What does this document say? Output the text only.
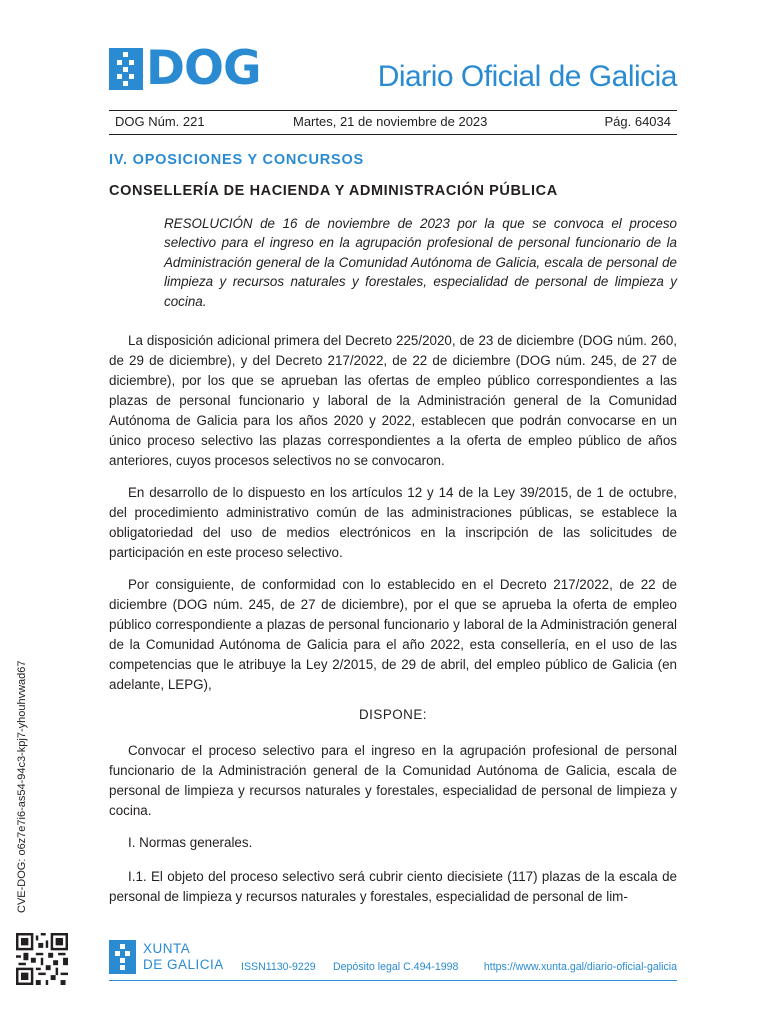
DOG	Diario Oficial de Galicia
DOG Núm. 221	Martes, 21 de noviembre de 2023	Pág. 64034
IV. OPOSICIONES Y CONCURSOS
CONSELLERÍA DE HACIENDA Y ADMINISTRACIÓN PÚBLICA

RESOLUCIÓN de 16 de noviembre de 2023 por la que se convoca el proceso selectivo para el ingreso en la agrupación profesional de personal funcionario de la Administración general de la Comunidad Autónoma de Galicia, escala de personal de limpieza y recursos naturales y forestales, especialidad de personal de limpieza y cocina.

La disposición adicional primera del Decreto 225/2020, de 23 de diciembre (DOG núm. 260, de 29 de diciembre), y del Decreto 217/2022, de 22 de diciembre (DOG núm. 245, de 27 de diciembre), por los que se aprueban las ofertas de empleo público correspondientes a las plazas de personal funcionario y laboral de la Administración general de la Comunidad Autónoma de Galicia para los años 2020 y 2022, establecen que podrán convocarse en un único proceso selectivo las plazas correspondientes a la oferta de empleo público de años anteriores, cuyos procesos selectivos no se convocaron.

En desarrollo de lo dispuesto en los artículos 12 y 14 de la Ley 39/2015, de 1 de octubre, del procedimiento administrativo común de las administraciones públicas, se establece la obligatoriedad del uso de medios electrónicos en la inscripción de las solicitudes de participación en este proceso selectivo.

Por consiguiente, de conformidad con lo establecido en el Decreto 217/2022, de 22 de diciembre (DOG núm. 245, de 27 de diciembre), por el que se aprueba la oferta de empleo público correspondiente a plazas de personal funcionario y laboral de la Administración general de la Comunidad Autónoma de Galicia para el año 2022, esta consellería, en el uso de las competencias que le atribuye la Ley 2/2015, de 29 de abril, del empleo público de Galicia (en adelante, LEPG),

DISPONE:

Convocar el proceso selectivo para el ingreso en la agrupación profesional de personal funcionario de la Administración general de la Comunidad Autónoma de Galicia, escala de personal de limpieza y recursos naturales y forestales, especialidad de personal de limpieza y cocina.

I. Normas generales.

I.1. El objeto del proceso selectivo será cubrir ciento diecisiete (117) plazas de la escala de personal de limpieza y recursos naturales y forestales, especialidad de personal de lim-

CVE-DOG: o6z7e7i6-as54-94c3-kpj7-yhouhvwad67
XUNTA
DE GALICIA ISSN1130-9229 Depósito legal C.494-1998 https://www.xunta.gal/diario-oficial-galicia
